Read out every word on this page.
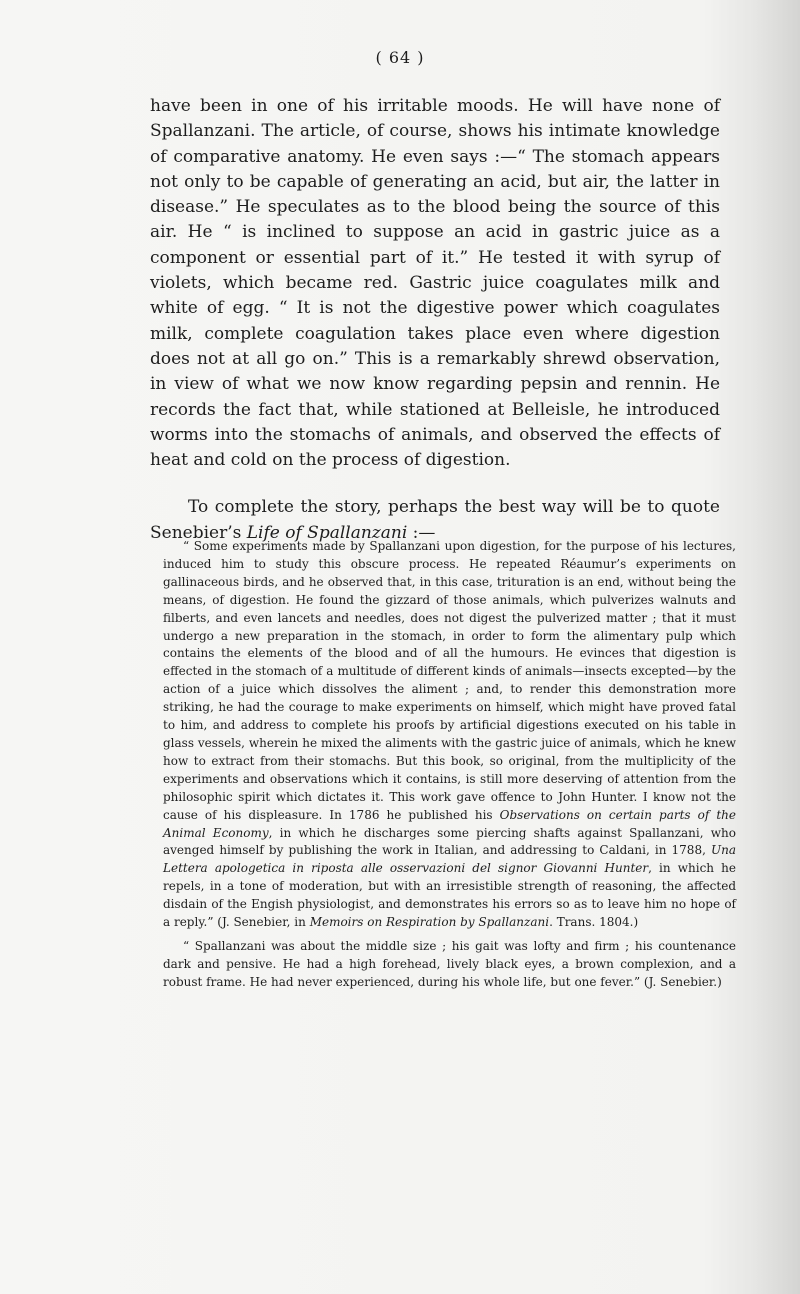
( 64 )

have been in one of his irritable moods. He will have none of Spallanzani. The article, of course, shows his intimate knowledge of comparative anatomy. He even says :—“ The stomach appears not only to be capable of generating an acid, but air, the latter in disease.” He speculates as to the blood being the source of this air. He “ is inclined to suppose an acid in gastric juice as a component or essential part of it.” He tested it with syrup of violets, which became red. Gastric juice coagulates milk and white of egg. “ It is not the digestive power which coagulates milk, complete coagulation takes place even where digestion does not at all go on.” This is a remarkably shrewd observation, in view of what we now know regarding pepsin and rennin. He records the fact that, while stationed at Belleisle, he introduced worms into the stomachs of animals, and observed the effects of heat and cold on the process of digestion.

To complete the story, perhaps the best way will be to quote Senebier’s Life of Spallanzani :—

“ Some experiments made by Spallanzani upon digestion, for the purpose of his lectures, induced him to study this obscure process. He repeated Réaumur’s experiments on gallinaceous birds, and he observed that, in this case, trituration is an end, without being the means, of digestion. He found the gizzard of those animals, which pulverizes walnuts and filberts, and even lancets and needles, does not digest the pulverized matter ; that it must undergo a new preparation in the stomach, in order to form the alimentary pulp which contains the elements of the blood and of all the humours. He evinces that digestion is effected in the stomach of a multitude of different kinds of animals—insects excepted—by the action of a juice which dissolves the aliment ; and, to render this demonstration more striking, he had the courage to make experiments on himself, which might have proved fatal to him, and address to complete his proofs by artificial digestions executed on his table in glass vessels, wherein he mixed the aliments with the gastric juice of animals, which he knew how to extract from their stomachs. But this book, so original, from the multiplicity of the experiments and observations which it contains, is still more deserving of attention from the philosophic spirit which dictates it. This work gave offence to John Hunter. I know not the cause of his displeasure. In 1786 he published his Observations on certain parts of the Animal Economy, in which he discharges some piercing shafts against Spallanzani, who avenged himself by publishing the work in Italian, and addressing to Caldani, in 1788, Una Lettera apologetica in riposta alle osservazioni del signor Giovanni Hunter, in which he repels, in a tone of moderation, but with an irresistible strength of reasoning, the affected disdain of the Engish physiologist, and demonstrates his errors so as to leave him no hope of a reply.” (J. Senebier, in Memoirs on Respiration by Spallanzani. Trans. 1804.)

“ Spallanzani was about the middle size ; his gait was lofty and firm ; his countenance dark and pensive. He had a high forehead, lively black eyes, a brown complexion, and a robust frame. He had never experienced, during his whole life, but one fever.” (J. Senebier.)
